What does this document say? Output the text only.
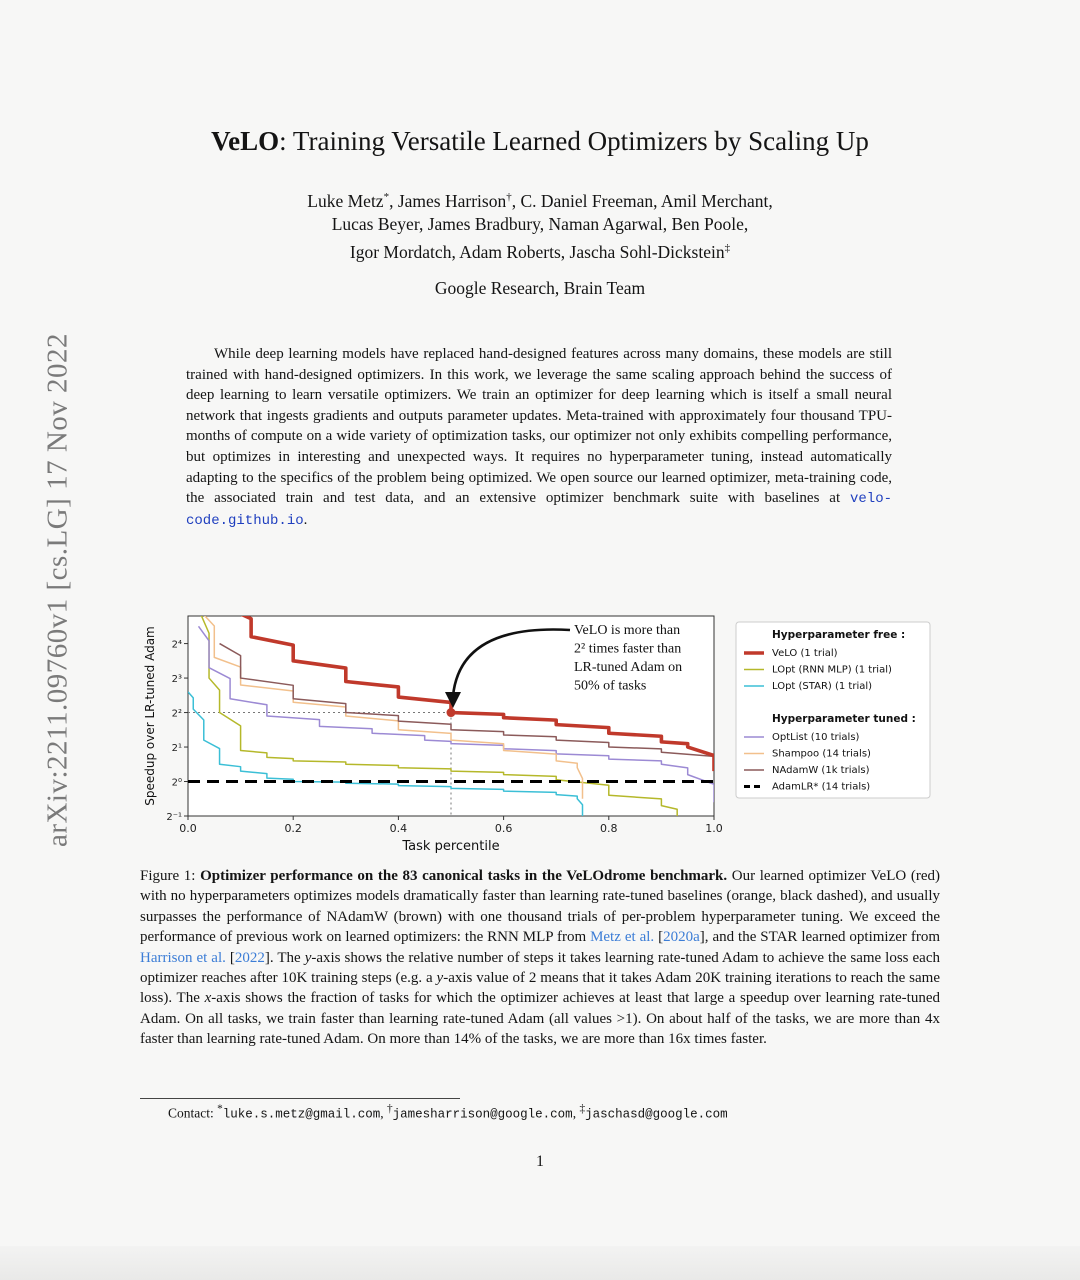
arXiv:2211.09760v1 [cs.LG] 17 Nov 2022
VeLO: Training Versatile Learned Optimizers by Scaling Up
Luke Metz*, James Harrison†, C. Daniel Freeman, Amil Merchant,
Lucas Beyer, James Bradbury, Naman Agarwal, Ben Poole,
Igor Mordatch, Adam Roberts, Jascha Sohl-Dickstein‡
Google Research, Brain Team
While deep learning models have replaced hand-designed features across many domains, these models are still trained with hand-designed optimizers. In this work, we leverage the same scaling approach behind the success of deep learning to learn versatile optimizers. We train an optimizer for deep learning which is itself a small neural network that ingests gradients and outputs parameter updates. Meta-trained with approximately four thousand TPU-months of compute on a wide variety of optimization tasks, our optimizer not only exhibits compelling performance, but optimizes in interesting and unexpected ways. It requires no hyperparameter tuning, instead automatically adapting to the specifics of the problem being optimized. We open source our learned optimizer, meta-training code, the associated train and test data, and an extensive optimizer benchmark suite with baselines at velo-code.github.io.
0.0	0.2	0.4	0.6	0.8	1.0
2⁻¹
2⁰
2¹
2²
2³
2⁴
Task percentile
Speedup over LR-tuned Adam	VeLO is more than
2² times faster than
LR-tuned Adam on
50% of tasks
Hyperparameter free :
VeLO (1 trial)
LOpt (RNN MLP) (1 trial)
LOpt (STAR) (1 trial)
Hyperparameter tuned :
OptList (10 trials)
Shampoo (14 trials)
NAdamW (1k trials)
AdamLR* (14 trials)
Figure 1: Optimizer performance on the 83 canonical tasks in the VeLOdrome benchmark. Our learned optimizer VeLO (red) with no hyperparameters optimizes models dramatically faster than learning rate-tuned baselines (orange, black dashed), and usually surpasses the performance of NAdamW (brown) with one thousand trials of per-problem hyperparameter tuning. We exceed the performance of previous work on learned optimizers: the RNN MLP from Metz et al. [2020a], and the STAR learned optimizer from Harrison et al. [2022]. The y-axis shows the relative number of steps it takes learning rate-tuned Adam to achieve the same loss each optimizer reaches after 10K training steps (e.g. a y-axis value of 2 means that it takes Adam 20K training iterations to reach the same loss). The x-axis shows the fraction of tasks for which the optimizer achieves at least that large a speedup over learning rate-tuned Adam. On all tasks, we train faster than learning rate-tuned Adam (all values >1). On about half of the tasks, we are more than 4x faster than learning rate-tuned Adam. On more than 14% of the tasks, we are more than 16x times faster.
Contact: *luke.s.metz@gmail.com, †jamesharrison@google.com, ‡jaschasd@google.com
1
